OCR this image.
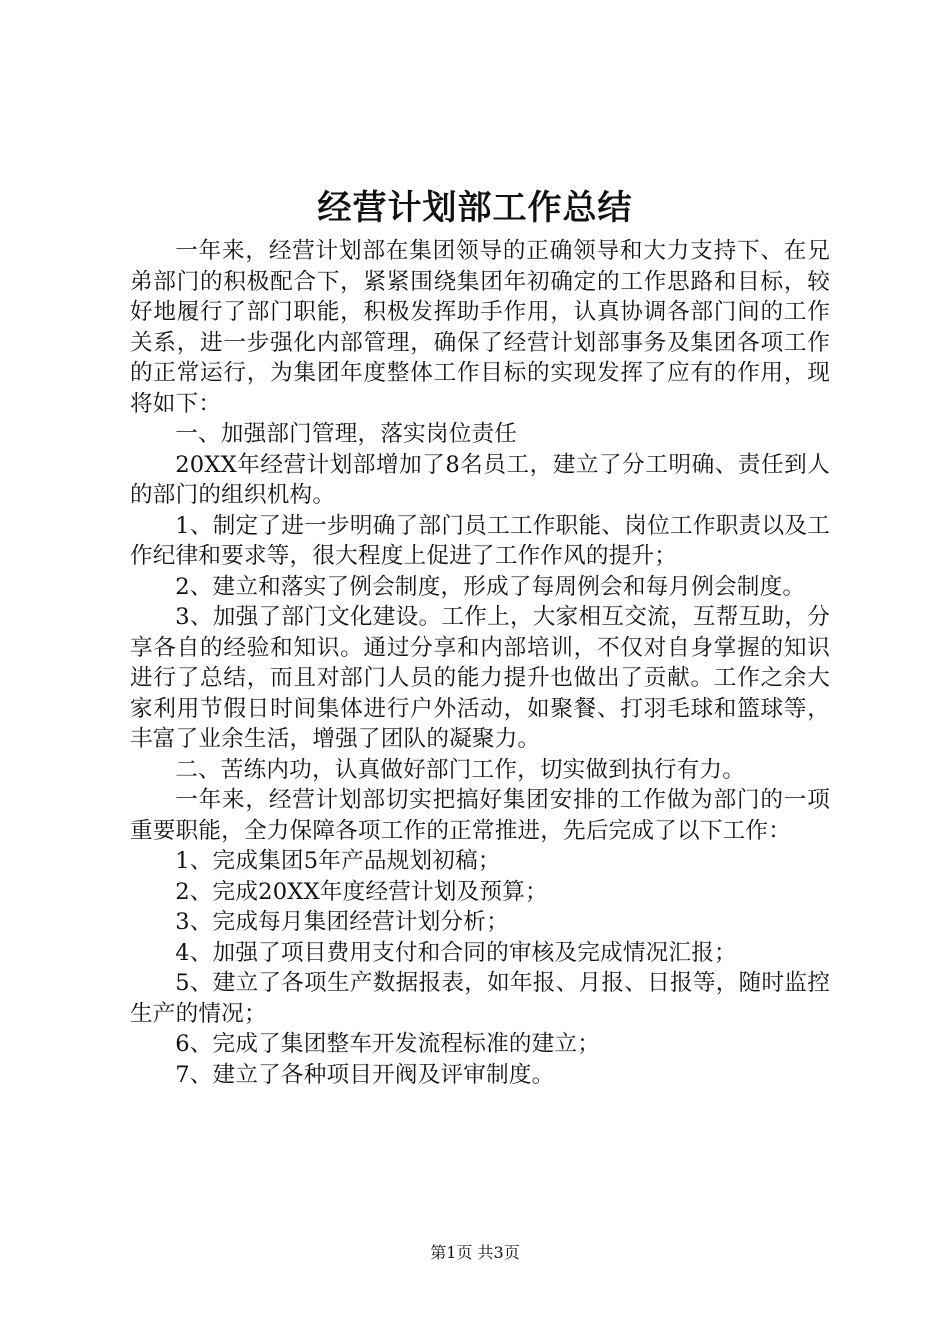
经营计划部工作总结

一年来，经营计划部在集团领导的正确领导和大力支持下、在兄弟部门的积极配合下，紧紧围绕集团年初确定的工作思路和目标，较好地履行了部门职能，积极发挥助手作用，认真协调各部门间的工作关系，进一步强化内部管理，确保了经营计划部事务及集团各项工作的正常运行，为集团年度整体工作目标的实现发挥了应有的作用，现将如下：

一、加强部门管理，落实岗位责任

20XX年经营计划部增加了8名员工，建立了分工明确、责任到人的部门的组织机构。

1、制定了进一步明确了部门员工工作职能、岗位工作职责以及工作纪律和要求等，很大程度上促进了工作作风的提升；

2、建立和落实了例会制度，形成了每周例会和每月例会制度。

3、加强了部门文化建设。工作上，大家相互交流，互帮互助，分享各自的经验和知识。通过分享和内部培训，不仅对自身掌握的知识进行了总结，而且对部门人员的能力提升也做出了贡献。工作之余大家利用节假日时间集体进行户外活动，如聚餐、打羽毛球和篮球等，丰富了业余生活，增强了团队的凝聚力。

二、苦练内功，认真做好部门工作，切实做到执行有力。

一年来，经营计划部切实把搞好集团安排的工作做为部门的一项重要职能，全力保障各项工作的正常推进，先后完成了以下工作：

1、完成集团5年产品规划初稿；

2、完成20XX年度经营计划及预算；

3、完成每月集团经营计划分析；

4、加强了项目费用支付和合同的审核及完成情况汇报；

5、建立了各项生产数据报表，如年报、月报、日报等，随时监控生产的情况；

6、完成了集团整车开发流程标准的建立；

7、建立了各种项目开阀及评审制度。

第1页 共3页
